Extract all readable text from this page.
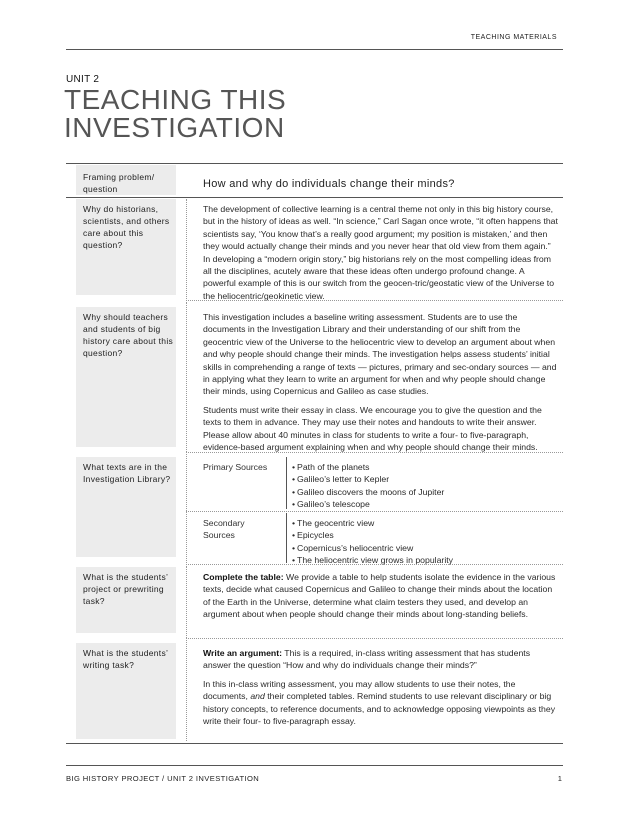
TEACHING MATERIALS
UNIT 2
TEACHING THIS
INVESTIGATION
Framing problem/ question	How and why do individuals change their minds?
Why do historians, scientists, and others care about this question?

The development of collective learning is a central theme not only in this big history course, but in the history of ideas as well. “In science,” Carl Sagan once wrote, “it often happens that scientists say, ‘You know that’s a really good argument; my position is mistaken,’ and then they would actually change their minds and you never hear that old view from them again.” In developing a “modern origin story,” big historians rely on the most compelling ideas from all the disciplines, acutely aware that these ideas often undergo profound change. A powerful example of this is our switch from the geocen-tric/geostatic view of the Universe to the heliocentric/geokinetic view.

Why should teachers and students of big history care about this question?

This investigation includes a baseline writing assessment. Students are to use the documents in the Investigation Library and their understanding of our shift from the geocentric view of the Universe to the heliocentric view to develop an argument about when and why people should change their minds. The investigation helps assess students’ initial skills in comprehending a range of texts — pictures, primary and sec-ondary sources — and in applying what they learn to write an argument for when and why people should change their minds, using Copernicus and Galileo as case studies.

Students must write their essay in class. We encourage you to give the question and the texts to them in advance. They may use their notes and handouts to write their answer. Please allow about 40 minutes in class for students to write a four- to five-paragraph, evidence-based argument explaining when and why people should change their minds.

What texts are in the Investigation Library?
Primary Sources
•	Path of the planets
• Galileo’s letter to Kepler
• Galileo discovers the moons of Jupiter
• Galileo’s telescope
Secondary Sources
• The geocentric view
• Epicycles
• Copernicus’s heliocentric view
• The heliocentric view grows in popularity
What is the students’ project or prewriting task?

Complete the table: We provide a table to help students isolate the evidence in the various texts, decide what caused Copernicus and Galileo to change their minds about the location of the Earth in the Universe, determine what claim testers they used, and develop an argument about when people should change their minds about long-standing beliefs.

What is the students’ writing task?

Write an argument: This is a required, in-class writing assessment that has students answer the question “How and why do individuals change their minds?”

In this in-class writing assessment, you may allow students to use their notes, the documents, and their completed tables. Remind students to use relevant disciplinary or big history concepts, to reference documents, and to acknowledge opposing viewpoints as they write their four- to five-paragraph essay.

BIG HISTORY PROJECT / UNIT 2 INVESTIGATION	1
